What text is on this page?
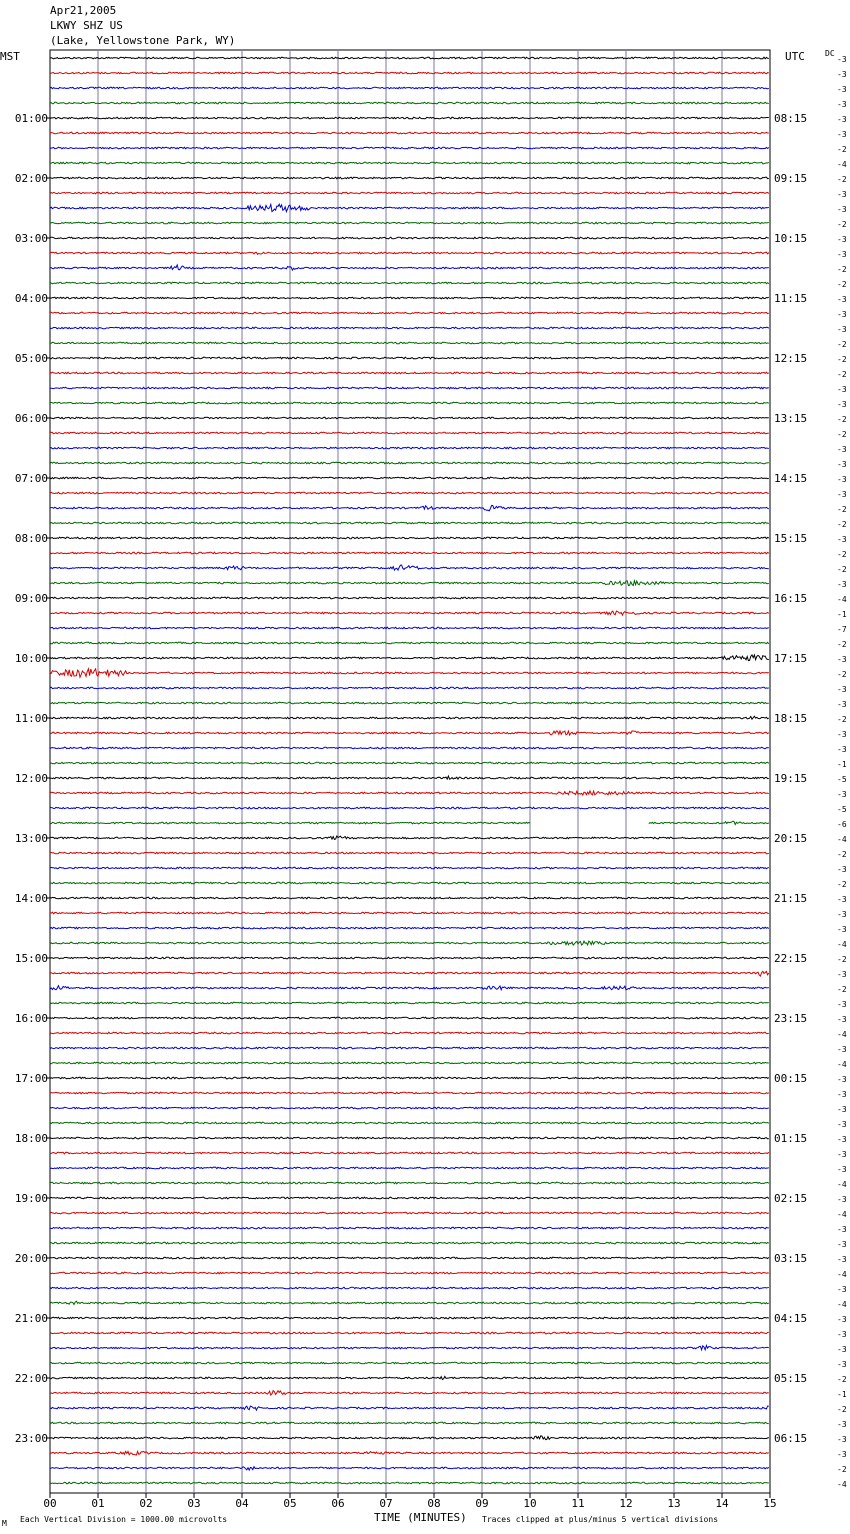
Apr21,2005
LKWY SHZ US
(Lake, Yellowstone Park, WY)
MST	UTC	DC
00	01	02	03	04	05	06	07	08	09	10	11	12	13	14	15
-3
-3
-3
-3
-3
-3
-2
-4
-2
-3
-3
-2
-3
-3
-2
-2
-3
-3
-3
-2
-2
-2
-3
-3
-2
-2
-3
-3
-3
-3
-2
-2
-3
-2
-2
-3
-4
-1
-7
-2
-3
-2
-3
-3
-2
-3
-3
-1
-5
-3
-5
-6
-4
-2
-3
-2
-3
-3
-3
-4
-2
-3
-2
-3
-3
-4
-3
-4
-3
-3
-3
-3
-3
-3
-3
-4
-3
-4
-3
-3
-3
-4
-3
-4
-3
-3
-3
-3
-2
-1
-2
-3
-3
-3
-2
-4
01:00
02:00
03:00
04:00
05:00
06:00
07:00
08:00
09:00
10:00
11:00
12:00
13:00
14:00
15:00
16:00
17:00
18:00
19:00
20:00
21:00
22:00
23:00
08:15
09:15
10:15
11:15
12:15
13:15
14:15
15:15
16:15
17:15
18:15
19:15
20:15
21:15
22:15
23:15
00:15
01:15
02:15
03:15
04:15
05:15
06:15
Each Vertical Division = 1000.00 microvolts	TIME (MINUTES) Traces clipped at plus/minus 5 vertical divisions
M
